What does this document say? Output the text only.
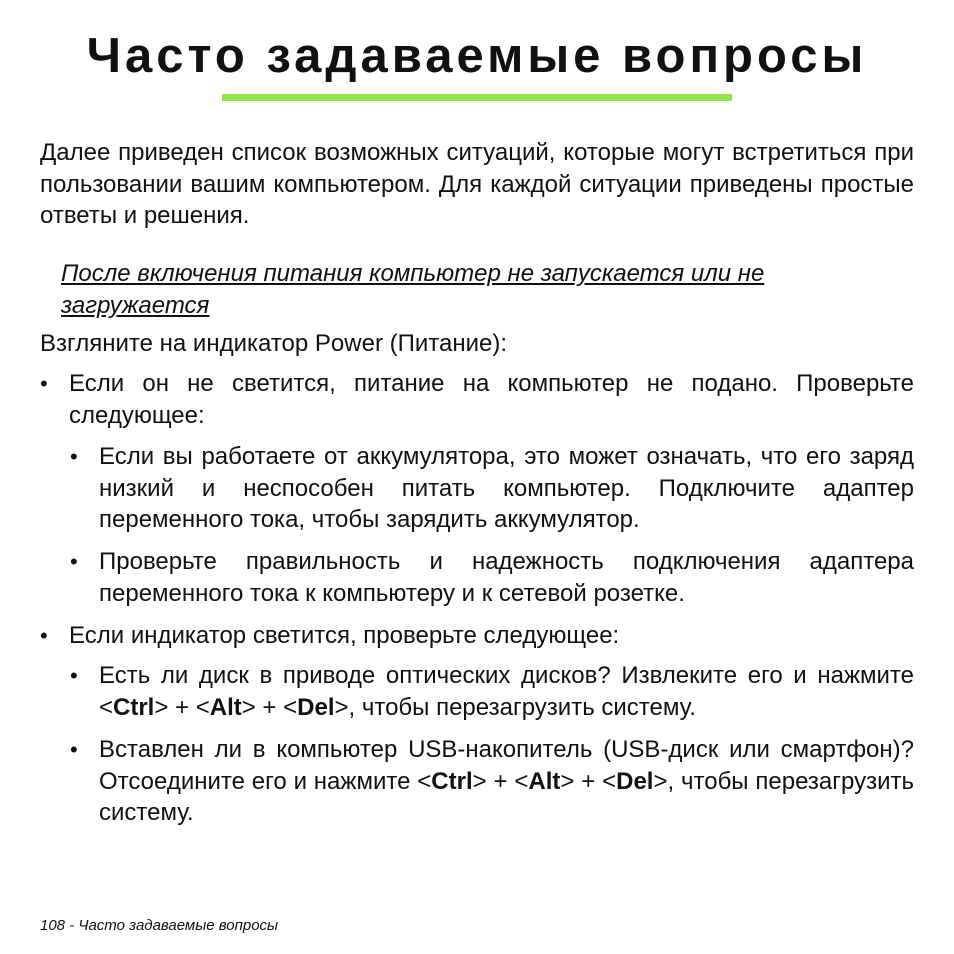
Часто задаваемые вопросы

Далее приведен список возможных ситуаций, которые могут встретиться при пользовании вашим компьютером. Для каждой ситуации приведены простые ответы и решения.

После включения питания компьютер не запускается или не загружается

Взгляните на индикатор Power (Питание):

• Если он не светится, питание на компьютер не подано. Проверьте следующее:
• Если вы работаете от аккумулятора, это может означать, что его заряд низкий и неспособен питать компьютер. Подключите адаптер переменного тока, чтобы зарядить аккумулятор.
• Проверьте правильность и надежность подключения адаптера переменного тока к компьютеру и к сетевой розетке.
• Если индикатор светится, проверьте следующее:
• Есть ли диск в приводе оптических дисков? Извлеките его и нажмите <Ctrl> + <Alt> + <Del>, чтобы перезагрузить систему.
• Вставлен ли в компьютер USB-накопитель (USB-диск или смартфон)? Отсоедините его и нажмите <Ctrl> + <Alt> + <Del>, чтобы перезагрузить систему.
108 - Часто задаваемые вопросы
